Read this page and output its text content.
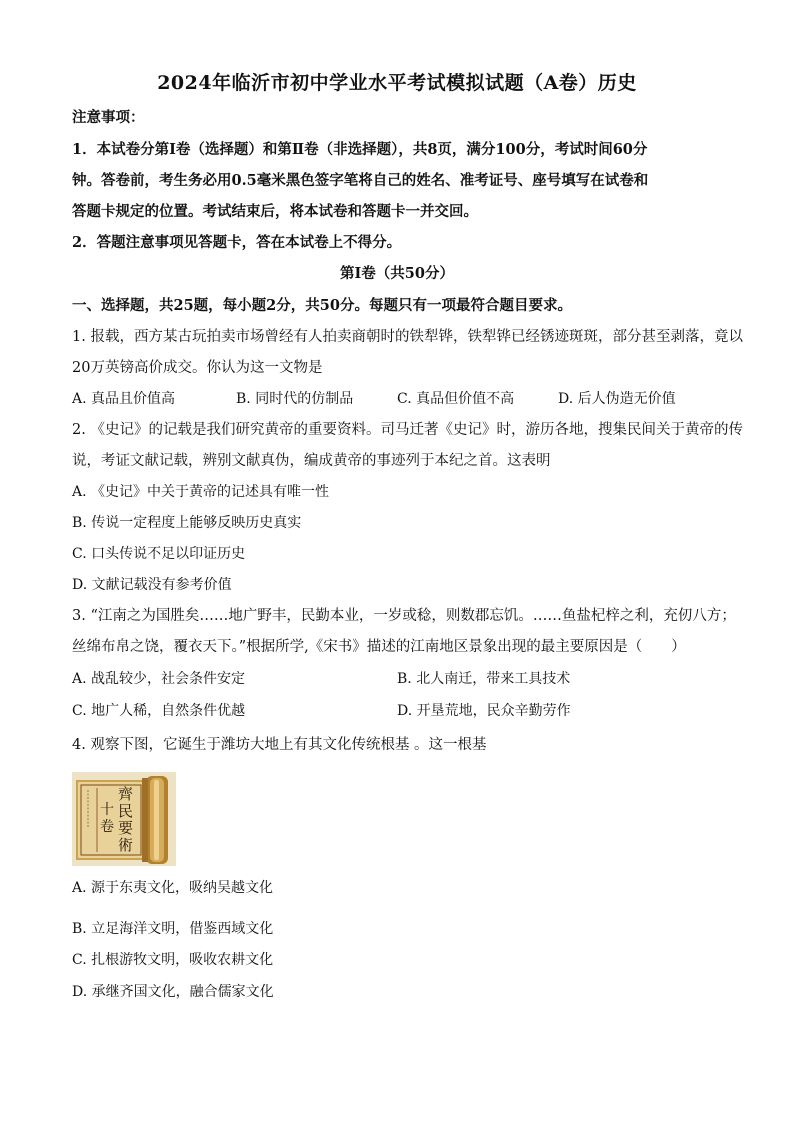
2024年临沂市初中学业水平考试模拟试题（A卷）历史
注意事项：
1．本试卷分第Ⅰ卷（选择题）和第Ⅱ卷（非选择题），共8页，满分100分，考试时间60分
钟。答卷前，考生务必用0.5毫米黑色签字笔将自己的姓名、准考证号、座号填写在试卷和
答题卡规定的位置。考试结束后，将本试卷和答题卡一并交回。
2．答题注意事项见答题卡，答在本试卷上不得分。
第Ⅰ卷（共50分）
一、选择题，共25题，每小题2分，共50分。每题只有一项最符合题目要求。
1. 报载，西方某古玩拍卖市场曾经有人拍卖商朝时的铁犁铧，铁犁铧已经锈迹斑斑，部分甚至剥落，竟以
20万英镑高价成交。你认为这一文物是
A. 真品且价值高	B. 同时代的仿制品	C. 真品但价值不高	D. 后人伪造无价值
2. 《史记》的记载是我们研究黄帝的重要资料。司马迁著《史记》时，游历各地，搜集民间关于黄帝的传
说，考证文献记载，辨别文献真伪，编成黄帝的事迹列于本纪之首。这表明
A. 《史记》中关于黄帝的记述具有唯一性
B. 传说一定程度上能够反映历史真实
C. 口头传说不足以印证历史
D. 文献记载没有参考价值
3. “江南之为国胜矣……地广野丰，民勤本业，一岁或稔，则数郡忘饥。……鱼盐杞梓之利，充仞八方；
丝绵布帛之饶，覆衣天下。”根据所学,《宋书》描述的江南地区景象出现的最主要原因是（　　）
A. 战乱较少，社会条件安定	B. 北人南迁，带来工具技术
C. 地广人稀，自然条件优越	D. 开垦荒地，民众辛勤劳作
4. 观察下图，它诞生于潍坊大地上有其文化传统根基 。这一根基
齊民要術
十卷
A. 源于东夷文化，吸纳吴越文化
B. 立足海洋文明，借鉴西域文化
C. 扎根游牧文明，吸收农耕文化
D. 承继齐国文化，融合儒家文化
